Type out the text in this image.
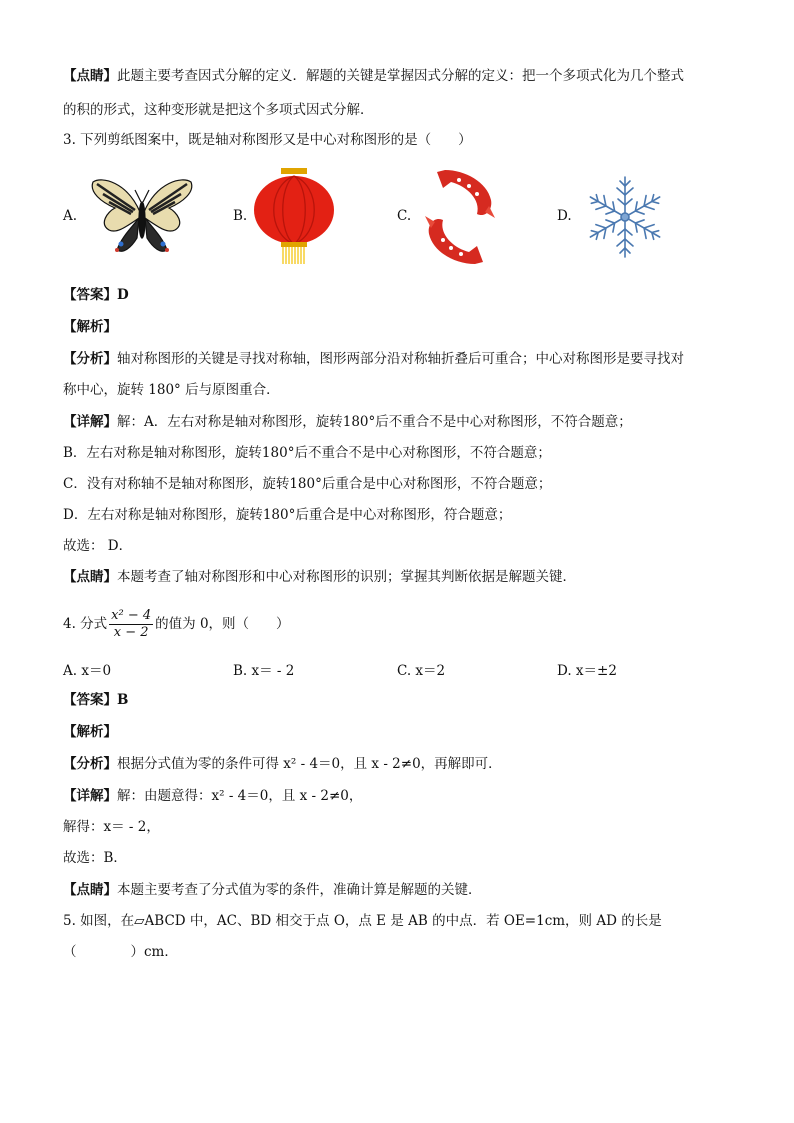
【点睛】此题主要考查因式分解的定义．解题的关键是掌握因式分解的定义：把一个多项式化为几个整式
的积的形式，这种变形就是把这个多项式因式分解．
3. 下列剪纸图案中，既是轴对称图形又是中心对称图形的是（　　）
A.	B.	C.	D.
【答案】D
【解析】
【分析】轴对称图形的关键是寻找对称轴，图形两部分沿对称轴折叠后可重合；中心对称图形是要寻找对
称中心，旋转 180° 后与原图重合．
【详解】解：A．左右对称是轴对称图形，旋转180°后不重合不是中心对称图形，不符合题意；
B．左右对称是轴对称图形，旋转180°后不重合不是中心对称图形，不符合题意；
C．没有对称轴不是轴对称图形，旋转180°后重合是中心对称图形，不符合题意；
D．左右对称是轴对称图形，旋转180°后重合是中心对称图形，符合题意；
故选： D．
【点睛】本题考查了轴对称图形和中心对称图形的识别；掌握其判断依据是解题关键．
4. 分式 $\frac{\text{x² − 4}}{x - 2}$ 的值为 0，则（　　）
A. x＝0	B. x＝ - 2	C. x＝2	D. x＝±2
【答案】B
【解析】
【分析】根据分式值为零的条件可得 x² - 4＝0，且 x - 2≠0，再解即可．
【详解】解：由题意得：x² - 4＝0，且 x - 2≠0，
解得：x＝ - 2，
故选：B．
【点睛】本题主要考查了分式值为零的条件，准确计算是解题的关键．
5. 如图，在▱ABCD 中，AC、BD 相交于点 O，点 E 是 AB 的中点．若 OE=1cm，则 AD 的长是
（　　　　）cm．
